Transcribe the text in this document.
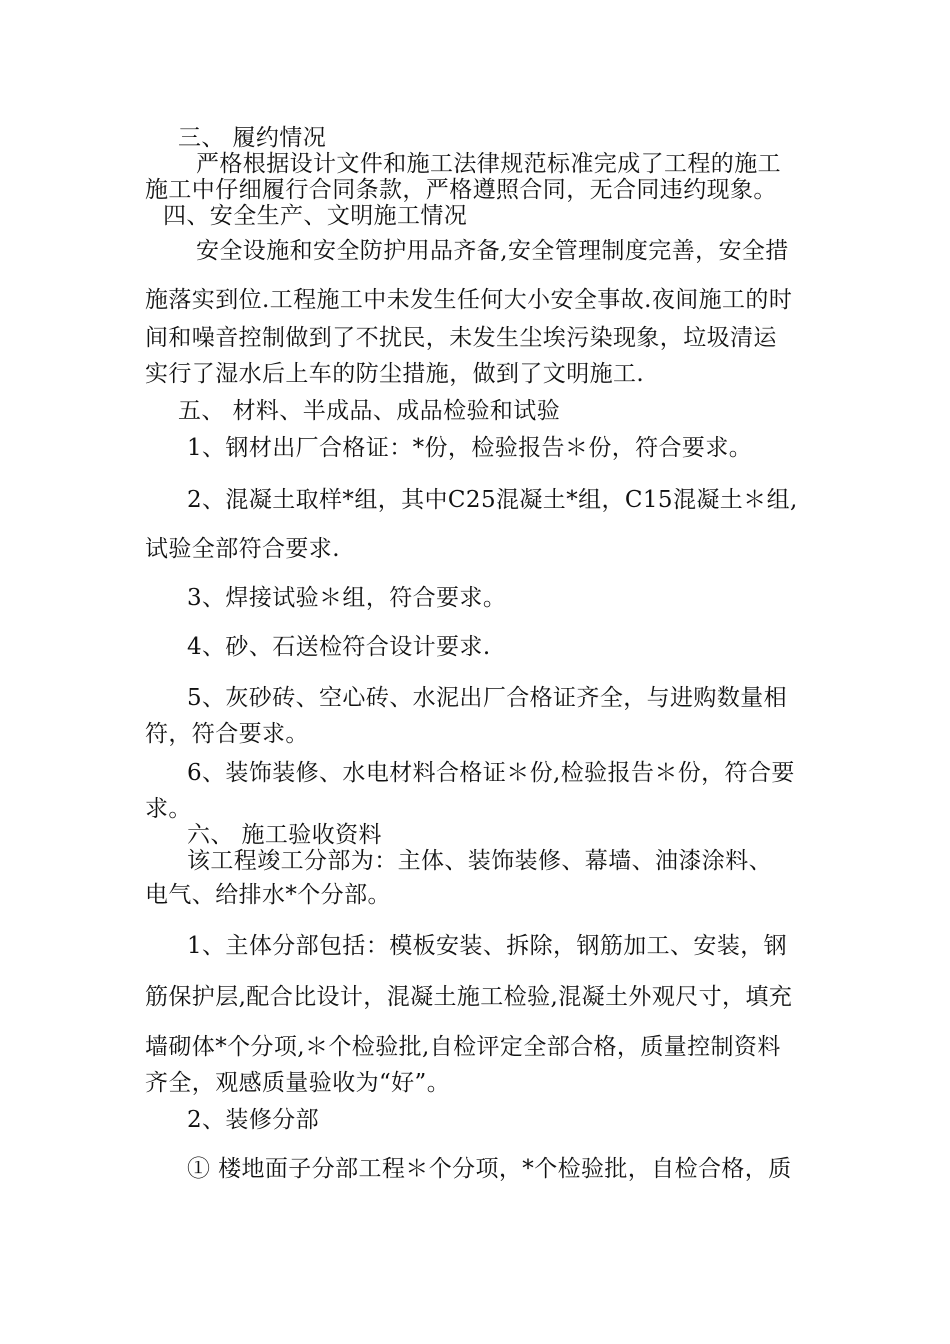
三、 履约情况
严格根据设计文件和施工法律规范标准完成了工程的施工
施工中仔细履行合同条款，严格遵照合同，无合同违约现象。
四、安全生产、文明施工情况
安全设施和安全防护用品齐备,安全管理制度完善，安全措
施落实到位.工程施工中未发生任何大小安全事故.夜间施工的时
间和噪音控制做到了不扰民，未发生尘埃污染现象，垃圾清运
实行了湿水后上车的防尘措施，做到了文明施工.
五、 材料、半成品、成品检验和试验
1、钢材出厂合格证：*份，检验报告＊份，符合要求。
2、混凝土取样*组，其中C25混凝土*组，C15混凝土＊组,
试验全部符合要求.
3、焊接试验＊组，符合要求。
4、砂、石送检符合设计要求.
5、灰砂砖、空心砖、水泥出厂合格证齐全，与进购数量相
符，符合要求。
6、装饰装修、水电材料合格证＊份,检验报告＊份，符合要
求。
六、 施工验收资料
该工程竣工分部为：主体、装饰装修、幕墙、油漆涂料、
电气、给排水*个分部。
1、主体分部包括：模板安装、拆除，钢筋加工、安装，钢
筋保护层,配合比设计，混凝土施工检验,混凝土外观尺寸，填充
墙砌体*个分项,＊个检验批,自检评定全部合格，质量控制资料
齐全，观感质量验收为“好”。
2、装修分部
① 楼地面子分部工程＊个分项，*个检验批，自检合格，质
